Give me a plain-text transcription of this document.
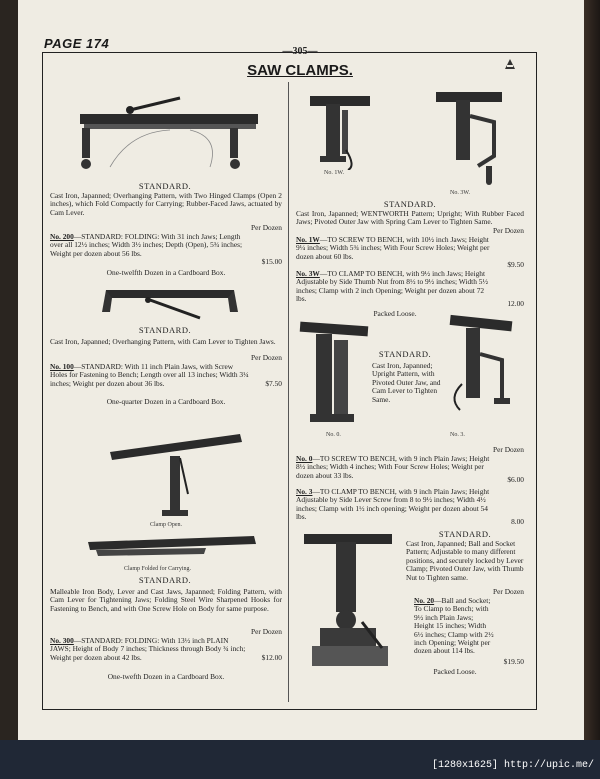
PAGE 174
—305—
SAW CLAMPS.
STANDARD.
Cast Iron, Japanned; Overhanging Pattern, with Two Hinged Clamps (Open 2 inches), which Fold Compactly for Carrying; Rubber-Faced Jaws, actuated by Cam Lever.
Per Dozen
No. 200—STANDARD: FOLDING: With 31 inch Jaws; Length over all 12½ inches; Width 3½ inches; Depth (Open), 5¾ inches; Weight per dozen about 56 lbs.
$15.00
One-twelfth Dozen in a Cardboard Box.
STANDARD.
Cast Iron, Japanned; Overhanging Pattern, with Cam Lever to Tighten Jaws.
Per Dozen
No. 100—STANDARD: With 11 inch Plain Jaws, with Screw Holes for Fastening to Bench; Length over all 13 inches; Width 3¼ inches; Weight per dozen about 36 lbs.	$7.50
One-quarter Dozen in a Cardboard Box.
Clamp Open.
Clamp Folded for Carrying.
STANDARD.
Malleable Iron Body, Lever and Cast Jaws, Japanned; Folding Pattern, with Cam Lever for Tightening Jaws; Folding Steel Wire Sharpened Hooks for Fastening to Bench, and with One Screw Hole on Body for same purpose.
Per Dozen
No. 300—STANDARD: FOLDING: With 13½ inch PLAIN JAWS; Height of Body 7 inches; Thickness through Body ¾ inch; Weight per dozen about 42 lbs.	$12.00
One-twefth Dozen in a Cardboard Box.
No. 1W.
No. 3W.
STANDARD.
Cast Iron, Japanned; WENTWORTH Pattern; Upright; With Rubber Faced Jaws; Pivoted Outer Jaw with Spring Cam Lever to Tighten Same.
Per Dozen
No. 1W—TO SCREW TO BENCH, with 10½ inch Jaws; Height 9¼ inches; Width 5¾ inches; With Four Screw Holes; Weight per dozen about 60 lbs.
$9.50
No. 3W—TO CLAMP TO BENCH, with 9½ inch Jaws; Height Adjustable by Side Thumb Nut from 8½ to 9½ inches; Width 5½ inches; Clamp with 2 inch Opening; Weight per dozen about 72 lbs.
12.00
Packed Loose.
No. 0.
STANDARD.
Cast Iron, Japanned; Upright Pattern, with Pivoted Outer Jaw, and Cam Lever to Tighten Same.
No. 3.
Per Dozen
No. 0—TO SCREW TO BENCH, with 9 inch Plain Jaws; Height 8½ inches; Width 4 inches; With Four Screw Holes; Weight per dozen about 33 lbs.	$6.00
No. 3—TO CLAMP TO BENCH, with 9 inch Plain Jaws; Height Adjustable by Side Lever Screw from 8 to 9½ inches; Width 4½ inches; Clamp with 1½ inch opening; Weight per dozen about 54 lbs.
8.00
STANDARD.
Cast Iron, Japanned; Ball and Socket Pattern; Adjustable to many different positions, and securely locked by Lever Clamp; Pivoted Outer Jaw, with Thumb Nut to Tighten same.
Per Dozen
No. 20—Ball and Socket; To Clamp to Bench; with 9½ inch Plain Jaws; Height 15 inches; Width 6½ inches; Clamp with 2½ inch Opening; Weight per dozen about 114 lbs.
$19.50
Packed Loose.
[1280x1625] http://upic.me/
